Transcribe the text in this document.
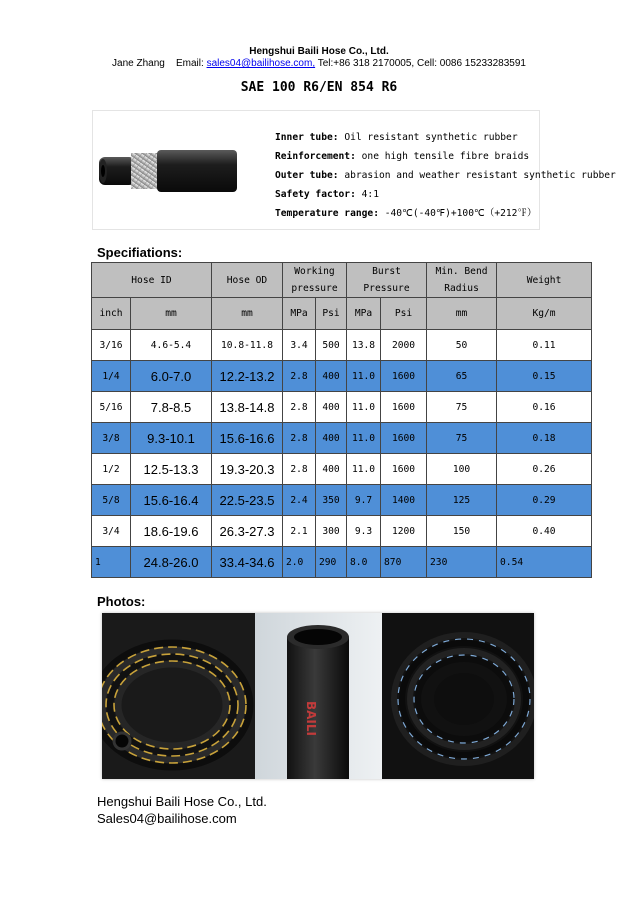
Hengshui Baili Hose Co., Ltd.
Jane Zhang Email: sales04@bailihose.com, Tel:+86 318 2170005, Cell: 0086 15233283591
SAE 100 R6/EN 854 R6
Inner tube: Oil resistant synthetic rubber
Reinforcement: one high tensile fibre braids
Outer tube: abrasion and weather resistant synthetic rubber
Safety factor: 4:1
Temperature range: -40℃(-40℉)+100℃（+212℉）
Specifiations:
Hose ID		Hose OD	Working pressure		Burst Pressure		Min. Bend Radius	Weight
inch	mm	mm	MPa	Psi	MPa	Psi	mm	Kg/m
3/16	4.6-5.4	10.8-11.8	3.4	500	13.8	2000	50	0.11
1/4	6.0-7.0	12.2-13.2	2.8	400	11.0	1600	65	0.15
5/16	7.8-8.5	13.8-14.8	2.8	400	11.0	1600	75	0.16
3/8	9.3-10.1	15.6-16.6	2.8	400	11.0	1600	75	0.18
1/2	12.5-13.3	19.3-20.3	2.8	400	11.0	1600	100	0.26
5/8	15.6-16.4	22.5-23.5	2.4	350	9.7	1400	125	0.29
3/4	18.6-19.6	26.3-27.3	2.1	300	9.3	1200	150	0.40
1	24.8-26.0	33.4-34.6	2.0	290	8.0	870	230	0.54
Photos:
BAILI
Hengshui Baili Hose Co., Ltd.
Sales04@bailihose.com
